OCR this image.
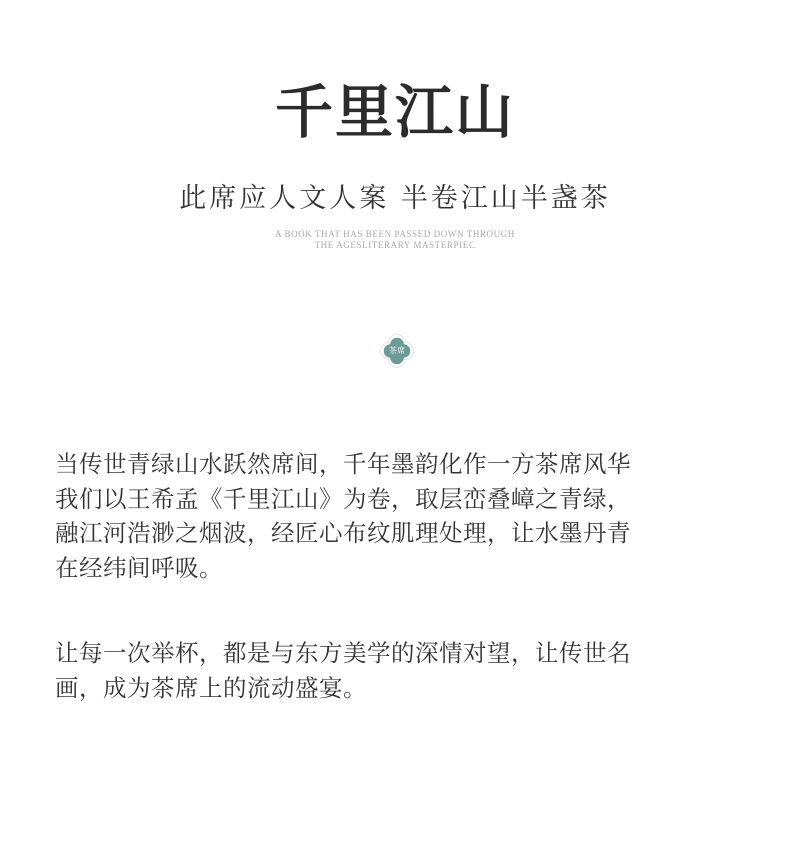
千里江山
此席应人文人案 半卷江山半盏茶
A BOOK THAT HAS BEEN PASSED DOWN THROUGH
THE AGESLITERARY MASTERPIEC
茶席
当传世青绿山水跃然席间，千年墨韵化作一方茶席风华
我们以王希孟《千里江山》为卷，取层峦叠嶂之青绿，
融江河浩渺之烟波，经匠心布纹肌理处理，让水墨丹青
在经纬间呼吸。
让每一次举杯，都是与东方美学的深情对望，让传世名
画，成为茶席上的流动盛宴。
